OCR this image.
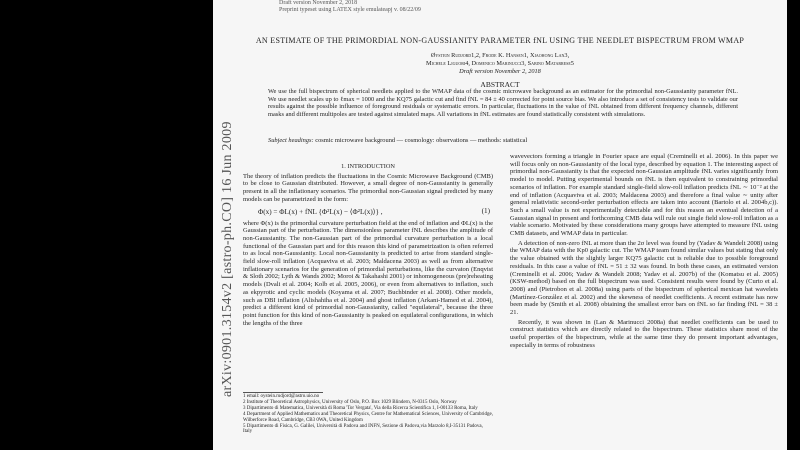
arXiv:0901.3154v2 [astro-ph.CO] 16 Jun 2009
Draft version November 2, 2018
Preprint typeset using LATEX style emulateapj v. 08/22/09
AN ESTIMATE OF THE PRIMORDIAL NON-GAUSSIANITY PARAMETER fNL USING THE NEEDLET BISPECTRUM FROM WMAP
Øystein Rudjord1,2, Frode K. Hansen1, Xiaohong Lan3,
Michele Liguori4, Domenico Marinucci3, Sabino Matarrese5
Draft version November 2, 2018
ABSTRACT
We use the full bispectrum of spherical needlets applied to the WMAP data of the cosmic microwave background as an estimator for the primordial non-Gaussianity parameter fNL. We use needlet scales up to ℓmax = 1000 and the KQ75 galactic cut and find fNL = 84 ± 40 corrected for point source bias. We also introduce a set of consistency tests to validate our results against the possible influence of foreground residuals or systematic errors. In particular, fluctuations in the value of fNL obtained from different frequency channels, different masks and different multipoles are tested against simulated maps. All variations in fNL estimates are found statistically consistent with simulations.
Subject headings: cosmic microwave background — cosmology: observations — methods: statistical
1. INTRODUCTION
The theory of inflation predicts the fluctuations in the Cosmic Microwave Background (CMB) to be close to Gaussian distributed. However, a small degree of non-Gaussianity is generally present in all the inflationary scenarios. The primordial non-Gaussian signal predicted by many models can be parametrized in the form:
where Φ(x) is the primordial curvature perturbation field at the end of inflation and ΦL(x) is the Gaussian part of the perturbation. The dimensionless parameter fNL describes the amplitude of non-Gaussianity. The non-Gaussian part of the primordial curvature perturbation is a local functional of the Gaussian part and for this reason this kind of parametrization is often referred to as local non-Gaussianity. Local non-Gaussianity is predicted to arise from standard single-field slow-roll inflation (Acquaviva et al. 2003; Maldacena 2003) as well as from alternative inflationary scenarios for the generation of primordial perturbations, like the curvaton (Enqvist & Sloth 2002; Lyth & Wands 2002; Moroi & Takahashi 2001) or inhomogeneous (pre)reheating models (Dvali et al. 2004; Kolb et al. 2005, 2006), or even from alternatives to inflation, such as ekpyrotic and cyclic models (Koyama et al. 2007; Buchbinder et al. 2008). Other models, such as DBI inflation (Alishahiha et al. 2004) and ghost inflation (Arkani-Hamed et al. 2004), predict a different kind of primordial non-Gaussianity, called "equilateral", because the three point function for this kind of non-Gaussianity is peaked on equilateral configurations, in which the lengths of the three
Φ(x) = ΦL(x) + fNL {Φ²L(x) − ⟨Φ²L(x)⟩} ,	(1)
1 email: oystein.rudjord@astro.uio.no
2 Institute of Theoretical Astrophysics, University of Oslo, P.O. Box 1029 Blindern, N-0315 Oslo, Norway
3 Dipartimento di Matematica, Università di Roma 'Tor Vergata', Via della Ricerca Scientifica 1, I-00133 Roma, Italy
4 Department of Applied Mathematics and Theoretical Physics, Centre for Mathematical Sciences, University of Cambridge, Wilberforce Road, Cambridge, CB3 0WA, United Kingdom
5 Dipartimento di Fisica, G. Galilei, Università di Padova and INFN, Sezione di Padova,via Marzolo 8,I-35131 Padova, Italy
wavevectors forming a triangle in Fourier space are equal (Creminelli et al. 2006). In this paper we will focus only on non-Gaussianity of the local type, described by equation 1. The interesting aspect of primordial non-Gaussianity is that the expected non-Gaussian amplitude fNL varies significantly from model to model. Putting experimental bounds on fNL is then equivalent to constraining primordial scenarios of inflation. For example standard single-field slow-roll inflation predicts fNL ∼ 10⁻² at the end of inflation (Acquaviva et al. 2003; Maldacena 2003) and therefore a final value ∼ unity after general relativistic second-order perturbation effects are taken into account (Bartolo et al. 2004b,c)). Such a small value is not experimentally detectable and for this reason an eventual detection of a Gaussian signal in present and forthcoming CMB data will rule out single field slow-roll inflation as a viable scenario. Motivated by these considerations many groups have attempted to measure fNL using CMB datasets, and WMAP data in particular.
A detection of non-zero fNL at more than the 2σ level was found by (Yadav & Wandelt 2008) using the WMAP data with the Kp0 galactic cut. The WMAP team found similar values but stating that only the value obtained with the slightly larger KQ75 galactic cut is reliable due to possible foreground residuals. In this case a value of fNL = 51 ± 32 was found. In both these cases, an estimated version (Creminelli et al. 2006; Yadav & Wandelt 2008; Yadav et al. 2007b) of the (Komatsu et al. 2005) (KSW-method) based on the full bispectrum was used. Consistent results were found by (Curto et al. 2008) and (Pietrobon et al. 2008a) using parts of the bispectrum of spherical mexican hat wavelets (Martínez-González et al. 2002) and the skewness of needlet coefficients. A recent estimate has now been made by (Smith et al. 2008) obtaining the smallest error bars on fNL so far finding fNL = 38 ± 21.
Recently, it was shown in (Lan & Marinucci 2008a) that needlet coefficients can be used to construct statistics which are directly related to the bispectrum. These statistics share most of the useful properties of the bispectrum, while at the same time they do present important advantages, especially in terms of robustness
